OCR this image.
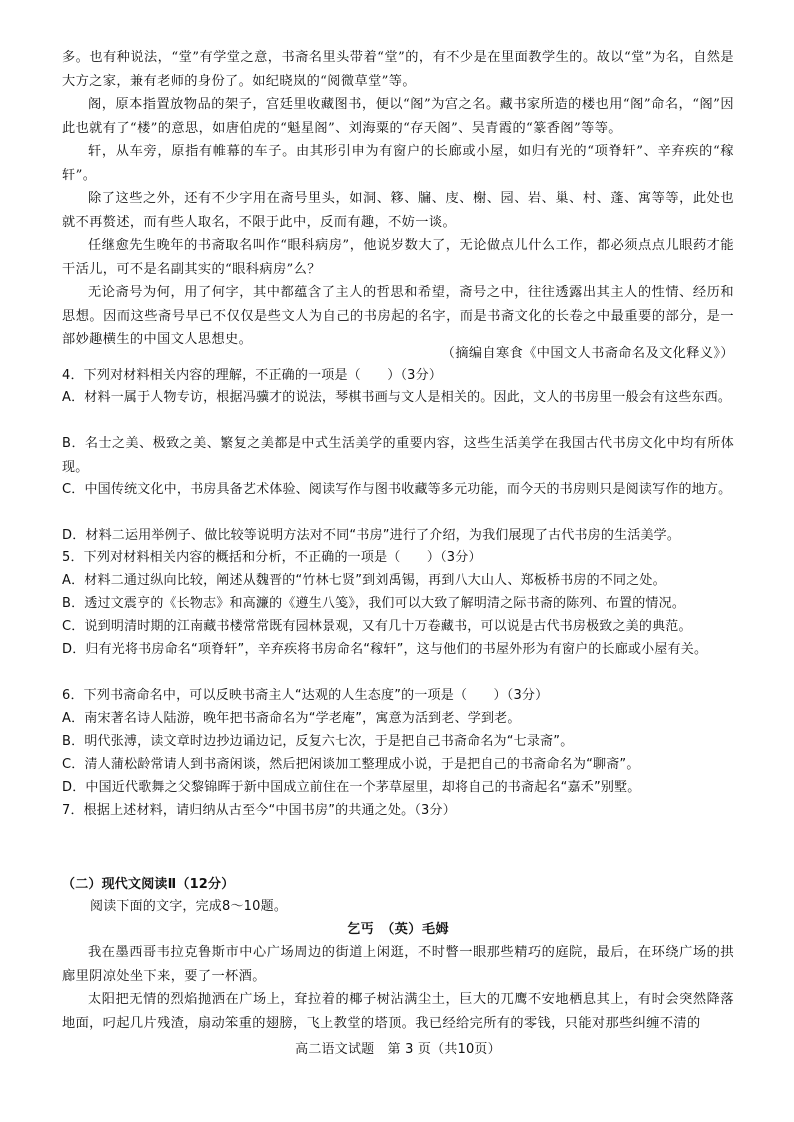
多。也有种说法，“堂”有学堂之意，书斋名里头带着“堂”的，有不少是在里面教学生的。故以“堂”为名，自然是大方之家，兼有老师的身份了。如纪晓岚的“阅微草堂”等。

阁，原本指置放物品的架子，宫廷里收藏图书，便以“阁”为宫之名。藏书家所造的楼也用“阁”命名，“阁”因此也就有了“楼”的意思，如唐伯虎的“魁星阁”、刘海粟的“存天阁”、吴青霞的“篆香阁”等等。

轩，从车旁，原指有帷幕的车子。由其形引申为有窗户的长廊或小屋，如归有光的“项脊轩”、辛弃疾的“稼轩”。

除了这些之外，还有不少字用在斋号里头，如洞、簃、牖、庋、榭、园、岩、巢、村、蓬、寓等等，此处也就不再赘述，而有些人取名，不限于此中，反而有趣，不妨一谈。

任继愈先生晚年的书斋取名叫作“眼科病房”，他说岁数大了，无论做点儿什么工作，都必须点点儿眼药才能干活儿，可不是名副其实的“眼科病房”么？

无论斋号为何，用了何字，其中都蕴含了主人的哲思和希望，斋号之中，往往透露出其主人的性情、经历和思想。因而这些斋号早已不仅仅是些文人为自己的书房起的名字，而是书斋文化的长卷之中最重要的部分，是一部妙趣横生的中国文人思想史。

（摘编自寒食《中国文人书斋命名及文化释义》）

4．下列对材料相关内容的理解，不正确的一项是（　　）（3分）

A．材料一属于人物专访，根据冯骥才的说法，琴棋书画与文人是相关的。因此，文人的书房里一般会有这些东西。

B．名士之美、极致之美、繁复之美都是中式生活美学的重要内容，这些生活美学在我国古代书房文化中均有所体现。

C．中国传统文化中，书房具备艺术体验、阅读写作与图书收藏等多元功能，而今天的书房则只是阅读写作的地方。

D．材料二运用举例子、做比较等说明方法对不同“书房”进行了介绍，为我们展现了古代书房的生活美学。

5．下列对材料相关内容的概括和分析，不正确的一项是（　　）（3分）

A．材料二通过纵向比较，阐述从魏晋的“竹林七贤”到刘禹锡，再到八大山人、郑板桥书房的不同之处。

B．透过文震亨的《长物志》和高濂的《遵生八笺》，我们可以大致了解明清之际书斋的陈列、布置的情况。

C．说到明清时期的江南藏书楼常常既有园林景观，又有几十万卷藏书，可以说是古代书房极致之美的典范。

D．归有光将书房命名“项脊轩”，辛弃疾将书房命名“稼轩”，这与他们的书屋外形为有窗户的长廊或小屋有关。

6．下列书斋命名中，可以反映书斋主人“达观的人生态度”的一项是（　　）（3分）

A．南宋著名诗人陆游，晚年把书斋命名为“学老庵”，寓意为活到老、学到老。

B．明代张溥，读文章时边抄边诵边记，反复六七次，于是把自己书斋命名为“七录斋”。

C．清人蒲松龄常请人到书斋闲谈，然后把闲谈加工整理成小说，于是把自己的书斋命名为“聊斋”。

D．中国近代歌舞之父黎锦晖于新中国成立前住在一个茅草屋里，却将自己的书斋起名“嘉禾”别墅。

7．根据上述材料，请归纳从古至今“中国书房”的共通之处。（3分）

（二）现代文阅读Ⅱ（12分）

阅读下面的文字，完成8～10题。

乞丐　（英）毛姆

我在墨西哥韦拉克鲁斯市中心广场周边的街道上闲逛，不时瞥一眼那些精巧的庭院，最后，在环绕广场的拱廊里阴凉处坐下来，要了一杯酒。

太阳把无情的烈焰抛洒在广场上，耷拉着的椰子树沾满尘土，巨大的兀鹰不安地栖息其上，有时会突然降落地面，叼起几片残渣，扇动笨重的翅膀，飞上教堂的塔顶。我已经给完所有的零钱，只能对那些纠缠不清的

高二语文试题　第 3 页（共10页）
